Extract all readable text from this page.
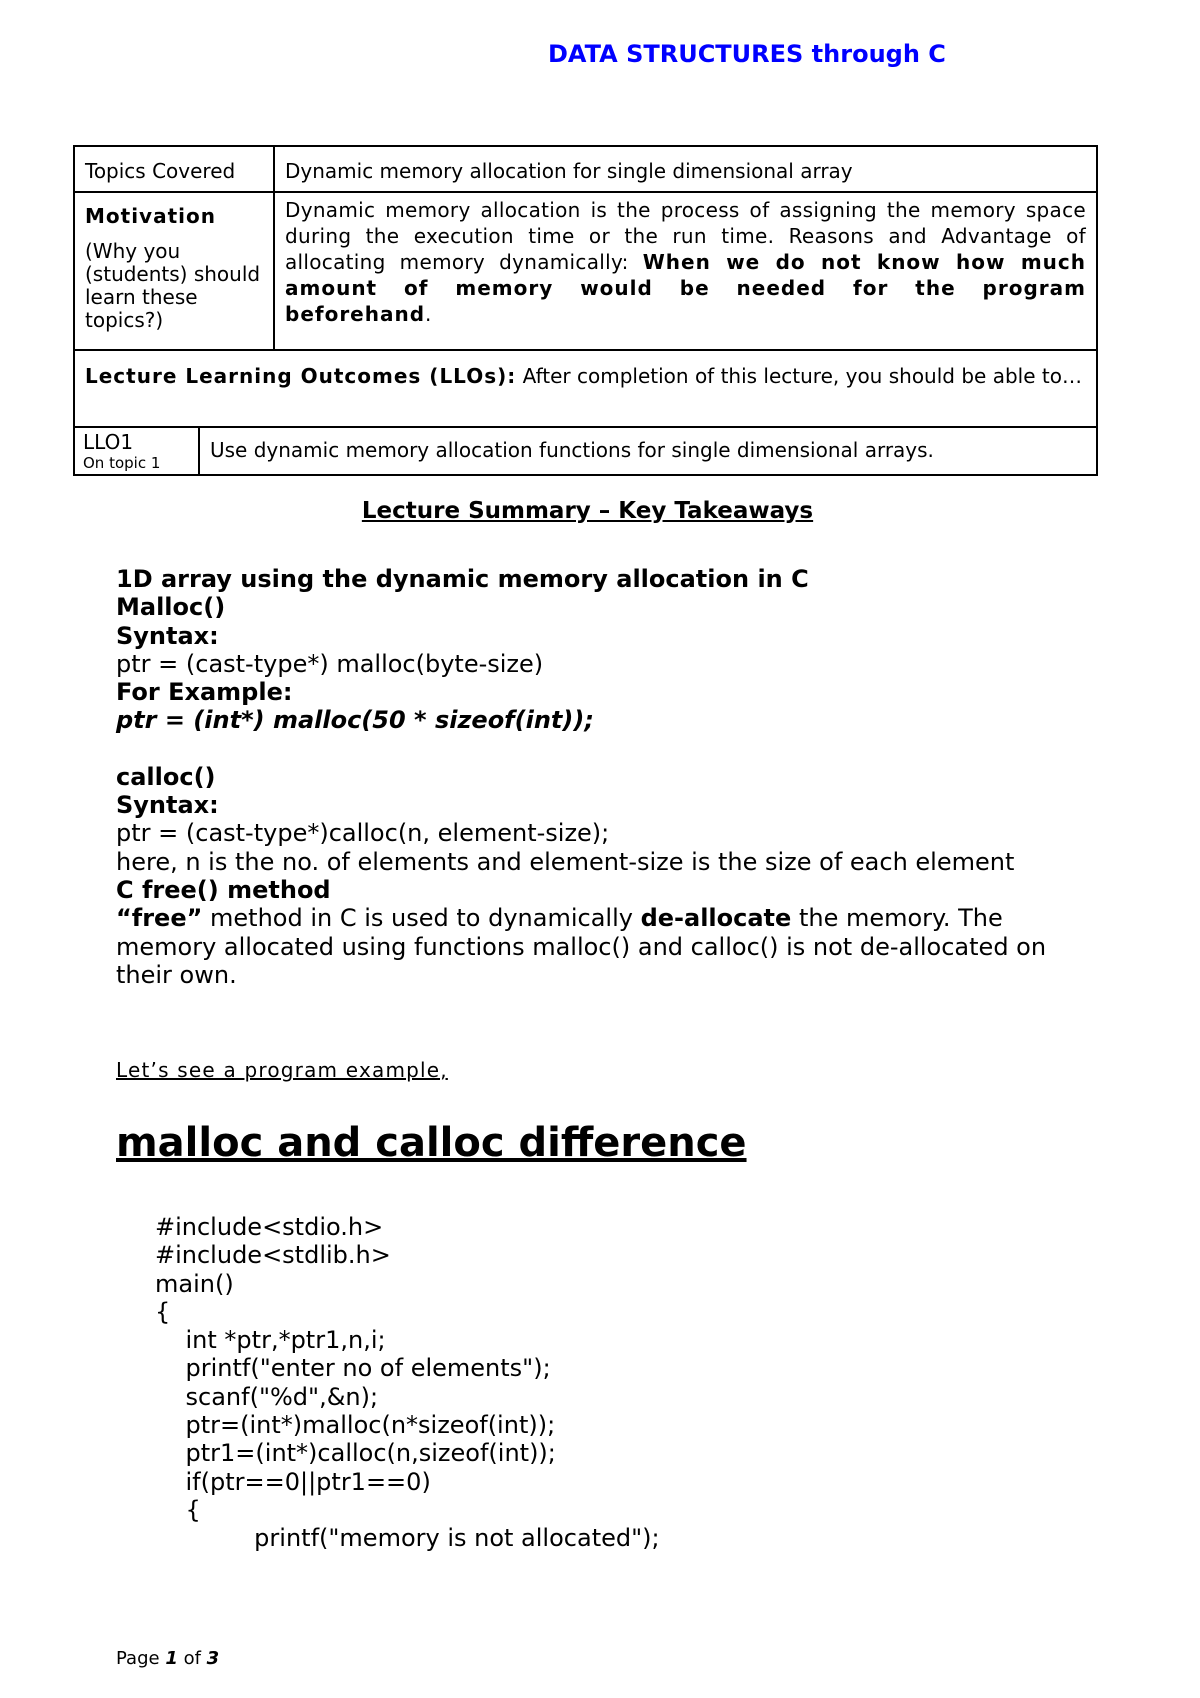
DATA STRUCTURES through C
Topics Covered	Dynamic memory allocation for single dimensional array

Motivation
(Why you (students) should learn these topics?)	Dynamic memory allocation is the process of assigning the memory space during the execution time or the run time. Reasons and Advantage of allocating memory dynamically: When we do not know how much amount of memory would be needed for the program beforehand.
Lecture Learning Outcomes (LLOs): After completion of this lecture, you should be able to…

LLO1
On topic 1
	Use dynamic memory allocation functions for single dimensional arrays.
Lecture Summary – Key Takeaways

1D array using the dynamic memory allocation in C

Malloc()

Syntax:

ptr = (cast-type*) malloc(byte-size)

For Example:

ptr = (int*) malloc(50 * sizeof(int));

calloc()

Syntax:

ptr = (cast-type*)calloc(n, element-size);

here, n is the no. of elements and element-size is the size of each element

C free() method

“free” method in C is used to dynamically de-allocate the memory. The memory allocated using functions malloc() and calloc() is not de-allocated on their own.

Let’s see a program example,
malloc and calloc difference
#include<stdio.h>
#include<stdlib.h>
main()
{
int *ptr,*ptr1,n,i;
printf("enter no of elements");
scanf("%d",&n);
ptr=(int*)malloc(n*sizeof(int));
ptr1=(int*)calloc(n,sizeof(int));
if(ptr==0||ptr1==0)
{
printf("memory is not allocated");
Page 1 of 3
